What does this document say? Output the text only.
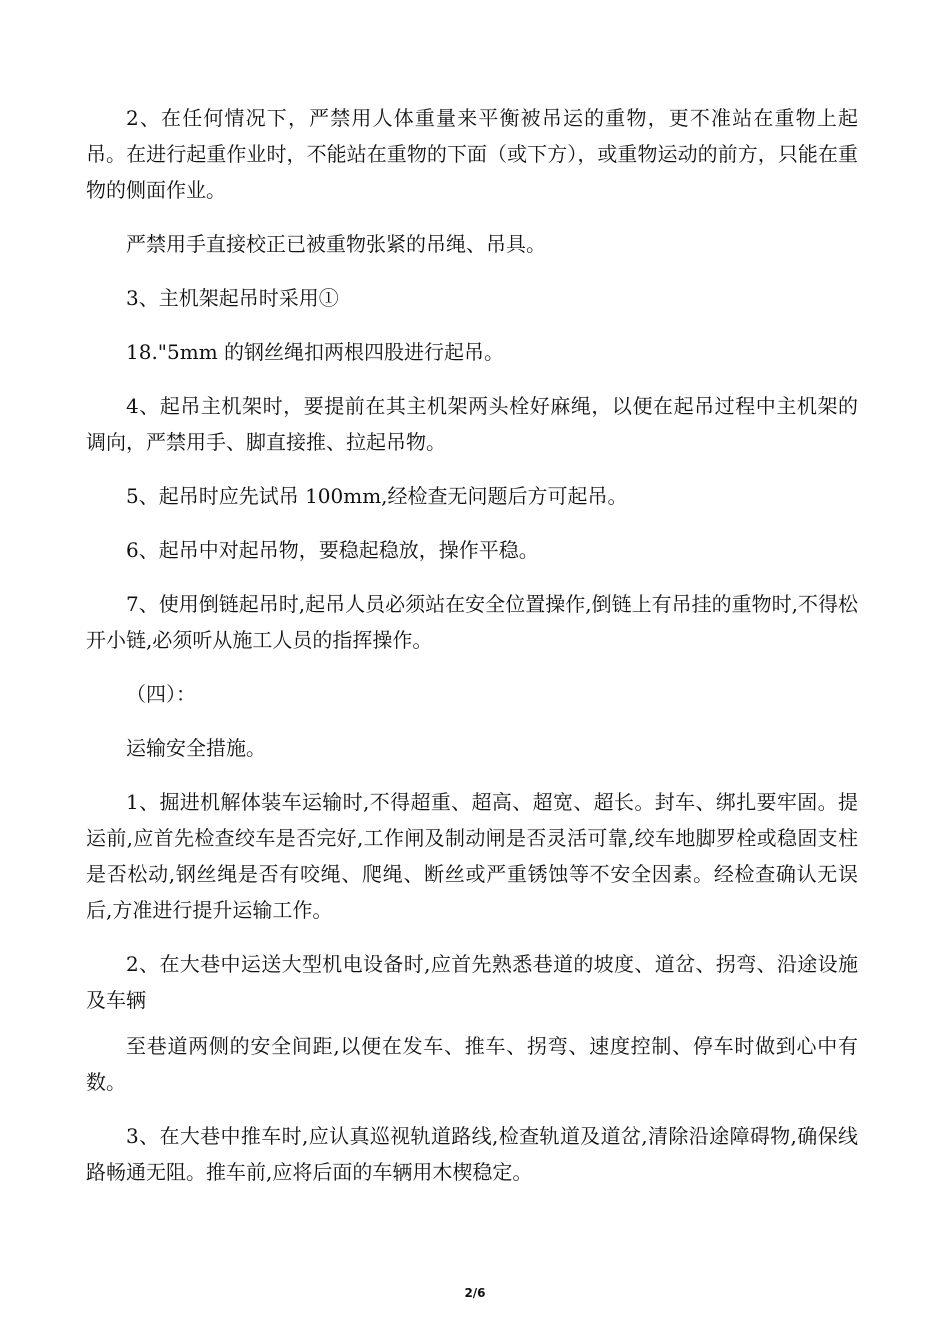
2、在任何情况下，严禁用人体重量来平衡被吊运的重物，更不准站在重物上起吊。在进行起重作业时，不能站在重物的下面（或下方），或重物运动的前方，只能在重物的侧面作业。

严禁用手直接校正已被重物张紧的吊绳、吊具。

3、主机架起吊时采用①

18."5mm 的钢丝绳扣两根四股进行起吊。

4、起吊主机架时，要提前在其主机架两头栓好麻绳，以便在起吊过程中主机架的调向，严禁用手、脚直接推、拉起吊物。

5、起吊时应先试吊 100mm,经检查无问题后方可起吊。

6、起吊中对起吊物，要稳起稳放，操作平稳。

7、使用倒链起吊时,起吊人员必须站在安全位置操作,倒链上有吊挂的重物时,不得松开小链,必须听从施工人员的指挥操作。

（四）：

运输安全措施。

1、掘进机解体装车运输时,不得超重、超高、超宽、超长。封车、绑扎要牢固。提运前,应首先检查绞车是否完好,工作闸及制动闸是否灵活可靠,绞车地脚罗栓或稳固支柱是否松动,钢丝绳是否有咬绳、爬绳、断丝或严重锈蚀等不安全因素。经检查确认无误后,方准进行提升运输工作。

2、在大巷中运送大型机电设备时,应首先熟悉巷道的坡度、道岔、拐弯、沿途设施及车辆

至巷道两侧的安全间距,以便在发车、推车、拐弯、速度控制、停车时做到心中有数。

3、在大巷中推车时,应认真巡视轨道路线,检查轨道及道岔,清除沿途障碍物,确保线路畅通无阻。推车前,应将后面的车辆用木楔稳定。

2/6
